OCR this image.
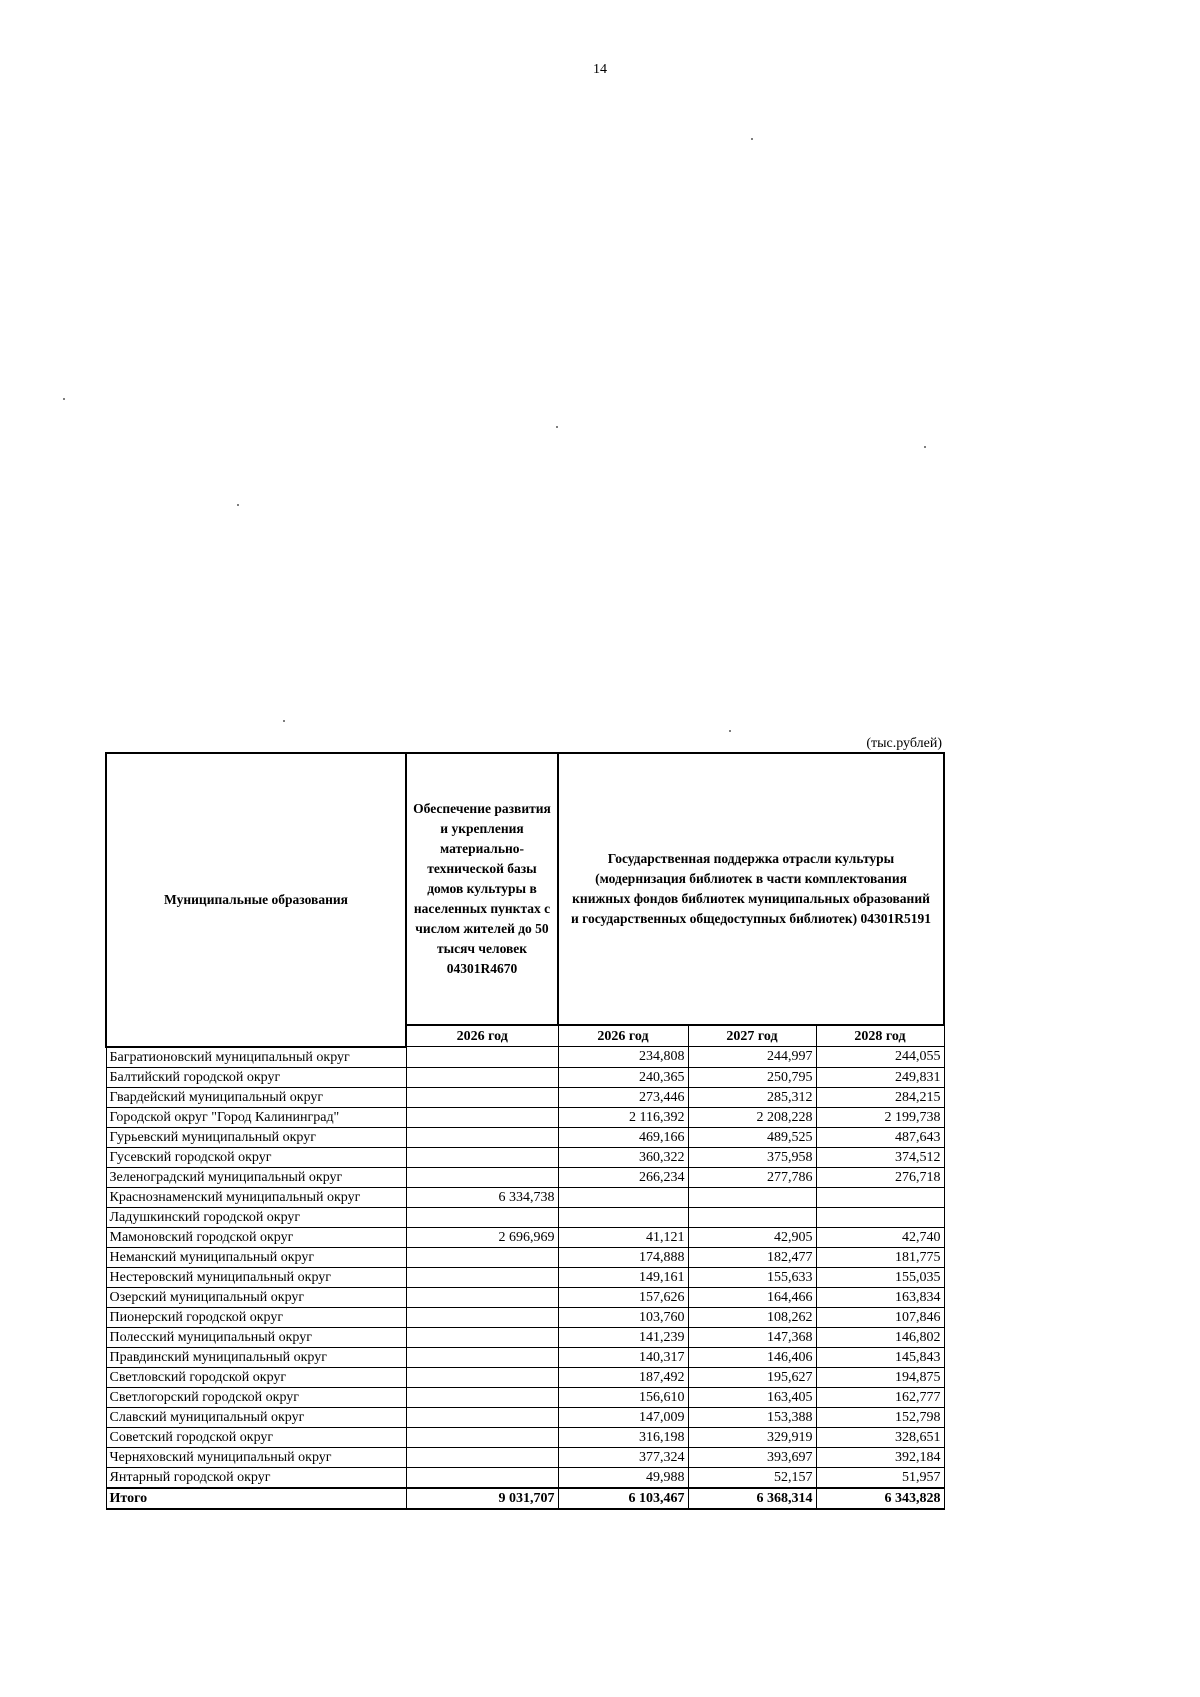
14
(тыс.рублей)
Муниципальные образования	Обеспечение развития и укрепления материально-технической базы домов культуры в населенных пунктах с числом жителей до 50 тысяч человек 04301R4670	Государственная поддержка отрасли культуры (модернизация библиотек в части комплектования книжных фондов библиотек муниципальных образований и государственных общедоступных библиотек) 04301R5191		
	2026 год	2026 год	2027 год	2028 год
Багратионовский муниципальный округ		234,808	244,997	244,055
Балтийский городской округ		240,365	250,795	249,831
Гвардейский муниципальный округ		273,446	285,312	284,215
Городской округ "Город Калининград"		2 116,392	2 208,228	2 199,738
Гурьевский муниципальный округ		469,166	489,525	487,643
Гусевский городской округ		360,322	375,958	374,512
Зеленоградский муниципальный округ		266,234	277,786	276,718
Краснознаменский муниципальный округ	6 334,738			
Ладушкинский городской округ				
Мамоновский городской округ	2 696,969	41,121	42,905	42,740
Неманский муниципальный округ		174,888	182,477	181,775
Нестеровский муниципальный округ		149,161	155,633	155,035
Озерский муниципальный округ		157,626	164,466	163,834
Пионерский городской округ		103,760	108,262	107,846
Полесский муниципальный округ		141,239	147,368	146,802
Правдинский муниципальный округ		140,317	146,406	145,843
Светловский городской округ		187,492	195,627	194,875
Светлогорский городской округ		156,610	163,405	162,777
Славский муниципальный округ		147,009	153,388	152,798
Советский городской округ		316,198	329,919	328,651
Черняховский муниципальный округ		377,324	393,697	392,184
Янтарный городской округ		49,988	52,157	51,957
Итого	9 031,707	6 103,467	6 368,314	6 343,828
